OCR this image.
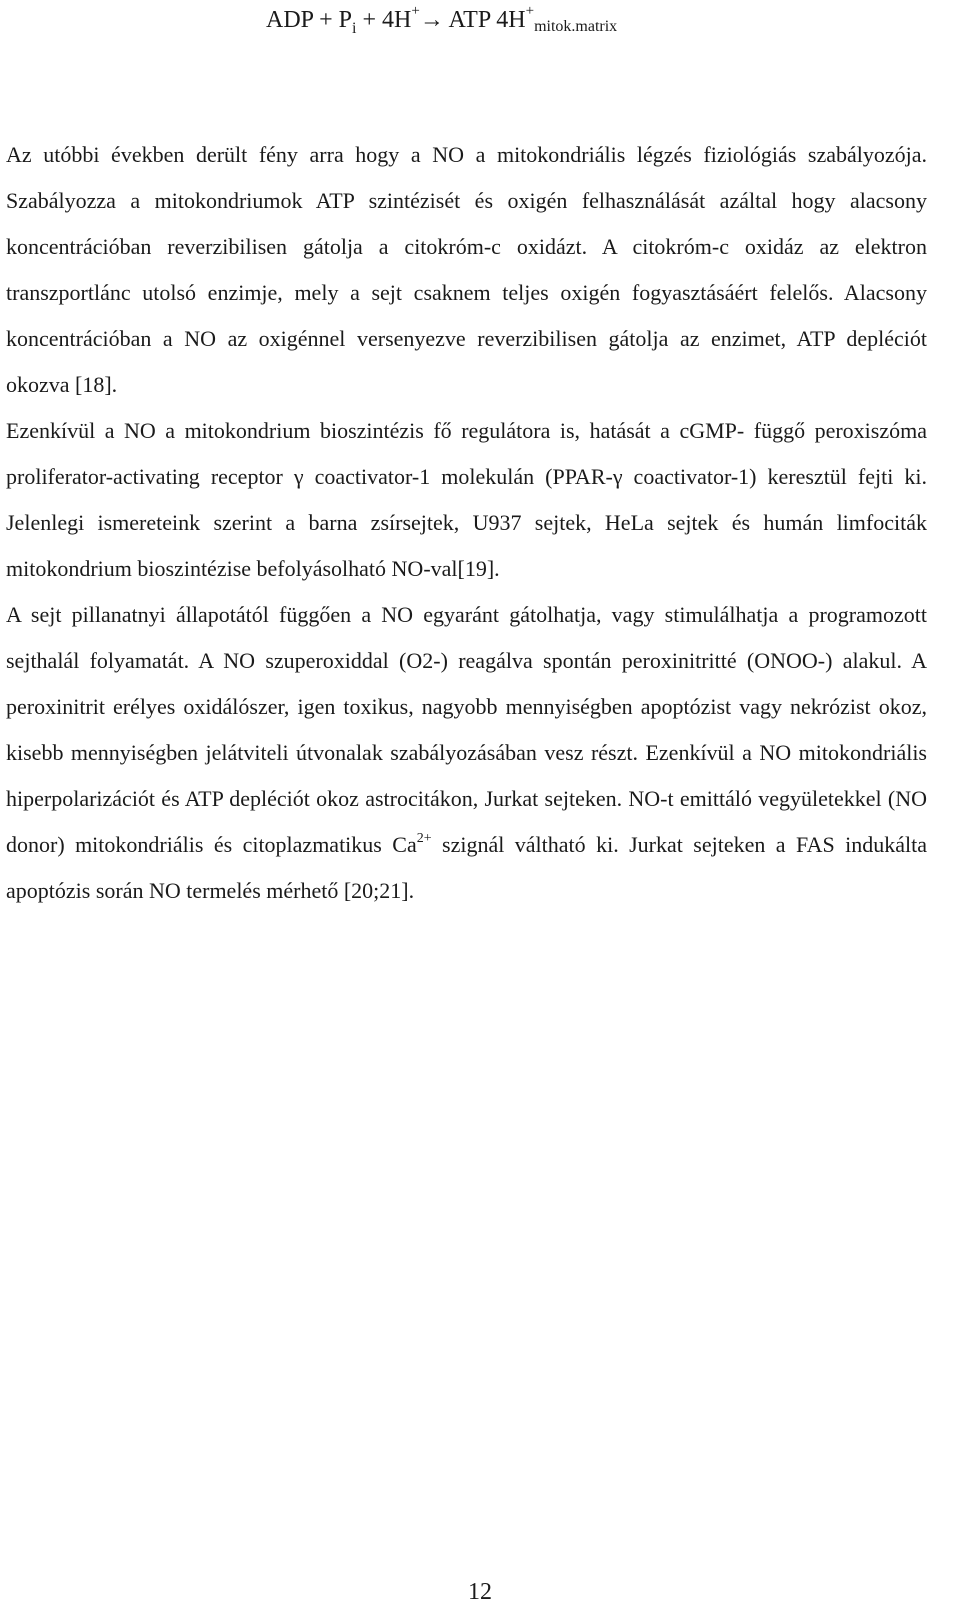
ADP + $P_i + 4H^+\to$ ATP 4H+mitok.matrix

Az utóbbi években derült fény arra hogy a NO a mitokondriális légzés fiziológiás szabályozója. Szabályozza a mitokondriumok ATP szintézisét és oxigén felhasználását azáltal hogy alacsony koncentrációban reverzibilisen gátolja a citokróm-c oxidázt. A citokróm-c oxidáz az elektron transzportlánc utolsó enzimje, mely a sejt csaknem teljes oxigén fogyasztásáért felelős. Alacsony koncentrációban a NO az oxigénnel versenyezve reverzibilisen gátolja az enzimet, ATP depléciót okozva [18].

Ezenkívül a NO a mitokondrium bioszintézis fő regulátora is, hatását a cGMP- függő peroxiszóma proliferator-activating receptor γ coactivator-1 molekulán (PPAR-γ coactivator-1) keresztül fejti ki. Jelenlegi ismereteink szerint a barna zsírsejtek, U937 sejtek, HeLa sejtek és humán limfociták mitokondrium bioszintézise befolyásolható NO-val[19].

A sejt pillanatnyi állapotától függően a NO egyaránt gátolhatja, vagy stimulálhatja a programozott sejthalál folyamatát. A NO szuperoxiddal (O2-) reagálva spontán peroxinitritté (ONOO-) alakul. A peroxinitrit erélyes oxidálószer, igen toxikus, nagyobb mennyiségben apoptózist vagy nekrózist okoz, kisebb mennyiségben jelátviteli útvonalak szabályozásában vesz részt. Ezenkívül a NO mitokondriális hiperpolarizációt és ATP depléciót okoz astrocitákon, Jurkat sejteken. NO-t emittáló vegyületekkel (NO donor) mitokondriális és citoplazmatikus $Ca^{2+}$ szignál váltható ki. Jurkat sejteken a FAS indukálta apoptózis során NO termelés mérhető [20;21].

12
